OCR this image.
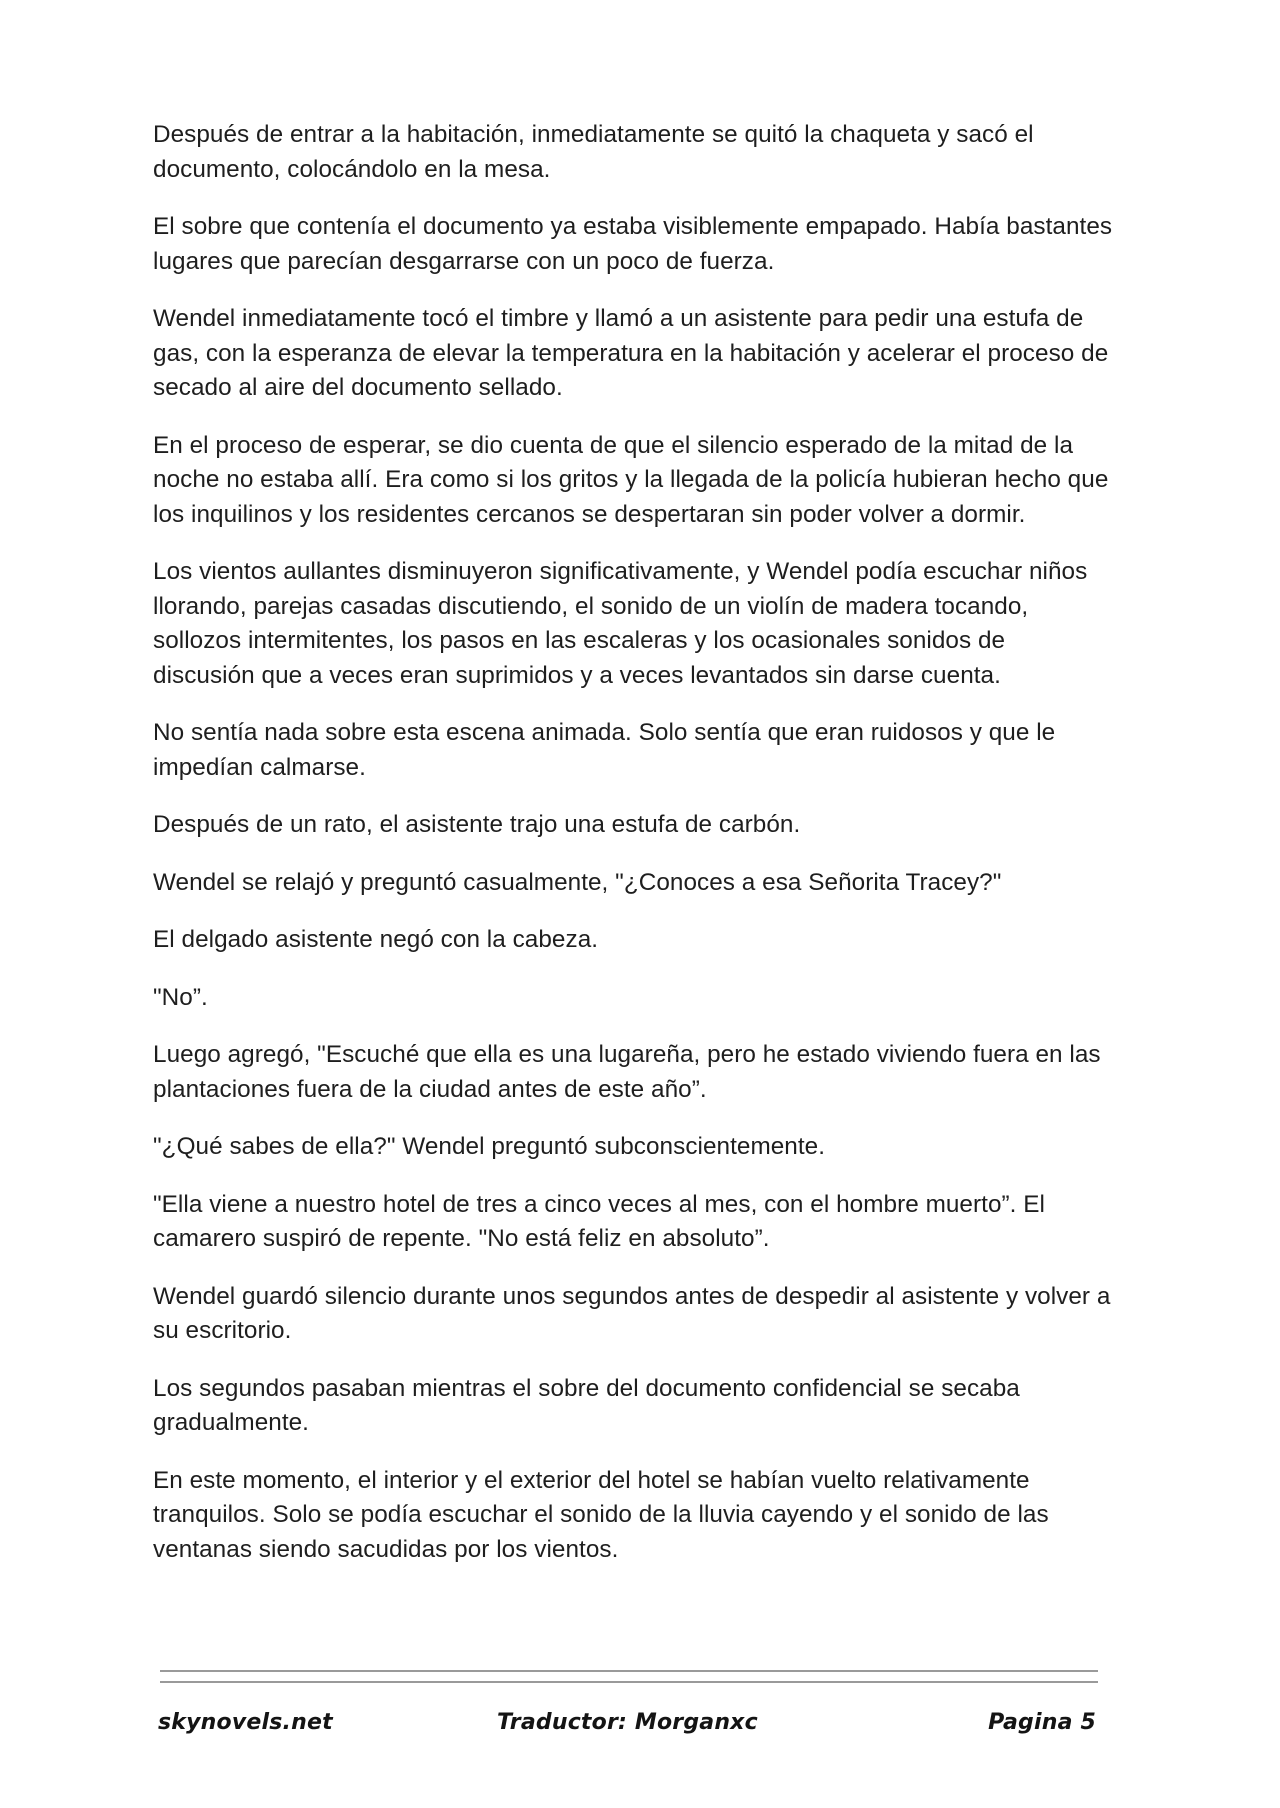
Después de entrar a la habitación, inmediatamente se quitó la chaqueta y sacó el documento, colocándolo en la mesa.

El sobre que contenía el documento ya estaba visiblemente empapado. Había bastantes lugares que parecían desgarrarse con un poco de fuerza.

Wendel inmediatamente tocó el timbre y llamó a un asistente para pedir una estufa de gas, con la esperanza de elevar la temperatura en la habitación y acelerar el proceso de secado al aire del documento sellado.

En el proceso de esperar, se dio cuenta de que el silencio esperado de la mitad de la noche no estaba allí. Era como si los gritos y la llegada de la policía hubieran hecho que los inquilinos y los residentes cercanos se despertaran sin poder volver a dormir.

Los vientos aullantes disminuyeron significativamente, y Wendel podía escuchar niños llorando, parejas casadas discutiendo, el sonido de un violín de madera tocando, sollozos intermitentes, los pasos en las escaleras y los ocasionales sonidos de discusión que a veces eran suprimidos y a veces levantados sin darse cuenta.

No sentía nada sobre esta escena animada. Solo sentía que eran ruidosos y que le impedían calmarse.

Después de un rato, el asistente trajo una estufa de carbón.

Wendel se relajó y preguntó casualmente, "¿Conoces a esa Señorita Tracey?"

El delgado asistente negó con la cabeza.

"No”.

Luego agregó, "Escuché que ella es una lugareña, pero he estado viviendo fuera en las plantaciones fuera de la ciudad antes de este año”.

"¿Qué sabes de ella?" Wendel preguntó subconscientemente.

"Ella viene a nuestro hotel de tres a cinco veces al mes, con el hombre muerto”. El camarero suspiró de repente. "No está feliz en absoluto”.

Wendel guardó silencio durante unos segundos antes de despedir al asistente y volver a su escritorio.

Los segundos pasaban mientras el sobre del documento confidencial se secaba gradualmente.

En este momento, el interior y el exterior del hotel se habían vuelto relativamente tranquilos. Solo se podía escuchar el sonido de la lluvia cayendo y el sonido de las ventanas siendo sacudidas por los vientos.

skynovels.net	Traductor: Morganxc	Pagina 5
